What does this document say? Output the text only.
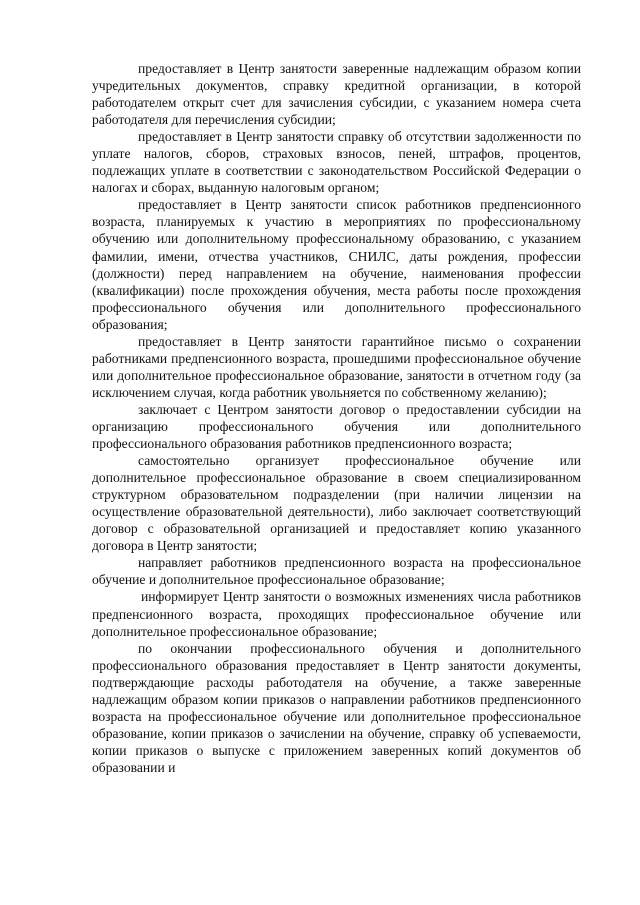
предоставляет в Центр занятости заверенные надлежащим образом копии учредительных документов, справку кредитной организации, в которой работодателем открыт счет для зачисления субсидии, с указанием номера счета работодателя для перечисления субсидии;

предоставляет в Центр занятости справку об отсутствии задолженности по уплате налогов, сборов, страховых взносов, пеней, штрафов, процентов, подлежащих уплате в соответствии с законодательством Российской Федерации о налогах и сборах, выданную налоговым органом;

предоставляет в Центр занятости список работников предпенсионного возраста, планируемых к участию в мероприятиях по профессиональному обучению или дополнительному профессиональному образованию, с указанием фамилии, имени, отчества участников, СНИЛС, даты рождения, профессии (должности) перед направлением на обучение, наименования профессии (квалификации) после прохождения обучения, места работы после прохождения профессионального обучения или дополнительного профессионального образования;

предоставляет в Центр занятости гарантийное письмо о сохранении работниками предпенсионного возраста, прошедшими профессиональное обучение или дополнительное профессиональное образование, занятости в отчетном году (за исключением случая, когда работник увольняется по собственному желанию);

заключает с Центром занятости договор о предоставлении субсидии на организацию профессионального обучения или дополнительного профессионального образования работников предпенсионного возраста;

самостоятельно организует профессиональное обучение или дополнительное профессиональное образование в своем специализированном структурном образовательном подразделении (при наличии лицензии на осуществление образовательной деятельности), либо заключает соответствующий договор с образовательной организацией и предоставляет копию указанного договора в Центр занятости;

направляет работников предпенсионного возраста на профессиональное обучение и дополнительное профессиональное образование;

информирует Центр занятости о возможных изменениях числа работников предпенсионного возраста, проходящих профессиональное обучение или дополнительное профессиональное образование;

по окончании профессионального обучения и дополнительного профессионального образования предоставляет в Центр занятости документы, подтверждающие расходы работодателя на обучение, а также заверенные надлежащим образом копии приказов о направлении работников предпенсионного возраста на профессиональное обучение или дополнительное профессиональное образование, копии приказов о зачислении на обучение, справку об успеваемости, копии приказов о выпуске с приложением заверенных копий документов об образовании и
